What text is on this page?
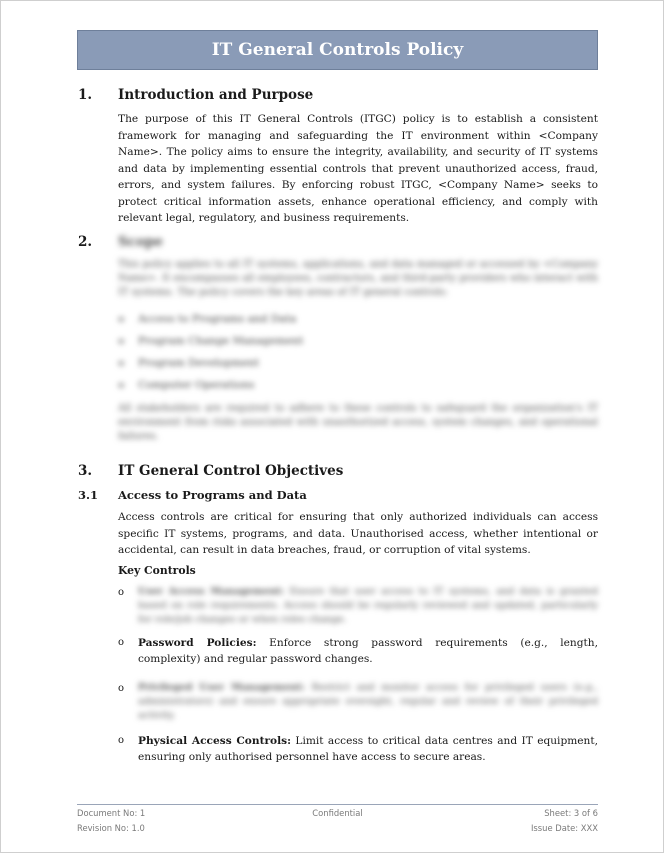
IT General Controls Policy
1.	Introduction and Purpose

The purpose of this IT General Controls (ITGC) policy is to establish a consistent framework for managing and safeguarding the IT environment within <Company Name>. The policy aims to ensure the integrity, availability, and security of IT systems and data by implementing essential controls that prevent unauthorized access, fraud, errors, and system failures. By enforcing robust ITGC, <Company Name> seeks to protect critical information assets, enhance operational efficiency, and comply with relevant legal, regulatory, and business requirements.

2.	Scope

This policy applies to all IT systems, applications, and data managed or accessed by <Company Name>. It encompasses all employees, contractors, and third-party providers who interact with IT systems. The policy covers the key areas of IT general controls:

o	Access to Programs and Data
o	Program Change Management
o	Program Development
o	Computer Operations

All stakeholders are required to adhere to these controls to safeguard the organization's IT environment from risks associated with unauthorized access, system changes, and operational failures.

3.	IT General Control Objectives
3.1	Access to Programs and Data

Access controls are critical for ensuring that only authorized individuals can access specific IT systems, programs, and data. Unauthorised access, whether intentional or accidental, can result in data breaches, fraud, or corruption of vital systems.

Key Controls
o	User Access Management: Ensure that user access to IT systems, and data is granted based on role requirements. Access should be regularly reviewed and updated, particularly for role/job changes or when roles change.
o	Password Policies: Enforce strong password requirements (e.g., length, complexity) and regular password changes.
o	Privileged User Management: Restrict and monitor access for privileged users (e.g., administrators) and ensure appropriate oversight, regular and review of their privileged activity.
o	Physical Access Controls: Limit access to critical data centres and IT equipment, ensuring only authorised personnel have access to secure areas.
Document No: 1	Confidential	Sheet: 3 of 6
Revision No: 1.0	Issue Date: XXX
